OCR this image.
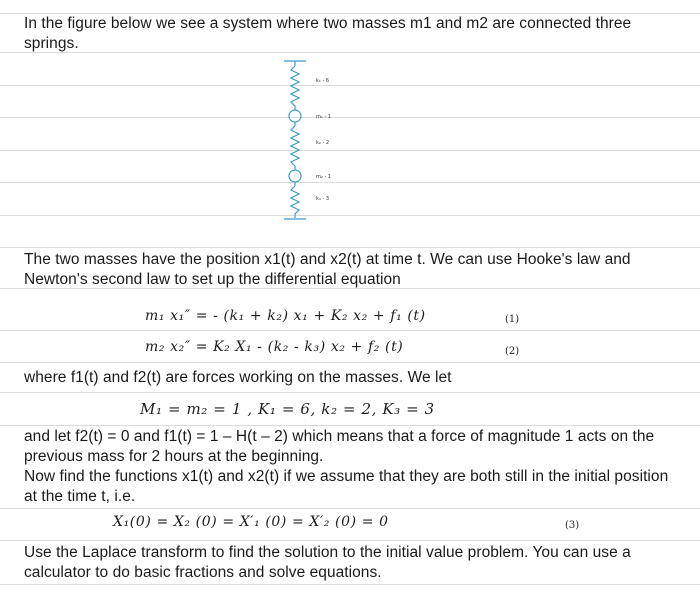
In the figure below we see a system where two masses m1 and m2 are connected three springs.
k₁ - 6
m₁ - 1
k₂ - 2
m₂ - 1
k₃ - 3
The two masses have the position x1(t) and x2(t) at time t. We can use Hooke's law and Newton's second law to set up the differential equation
m₁ x₁″ = - (k₁ + k₂) x₁ + K₂ x₂ + f₁ (t)	(1)
m₂ x₂″ = K₂ X₁ - (k₂ - k₃) x₂ + f₂ (t)	(2)
where f1(t) and f2(t) are forces working on the masses. We let
M₁ = m₂ = 1 , K₁ = 6, k₂ = 2, K₃ = 3
and let f2(t) = 0 and f1(t) = 1 – H(t – 2) which means that a force of magnitude 1 acts on the previous mass for 2 hours at the beginning.
Now find the functions x1(t) and x2(t) if we assume that they are both still in the initial position at the time t, i.e.
X₁(0) = X₂ (0) = X′₁ (0) = X′₂ (0) = 0	(3)
Use the Laplace transform to find the solution to the initial value problem. You can use a calculator to do basic fractions and solve equations.
